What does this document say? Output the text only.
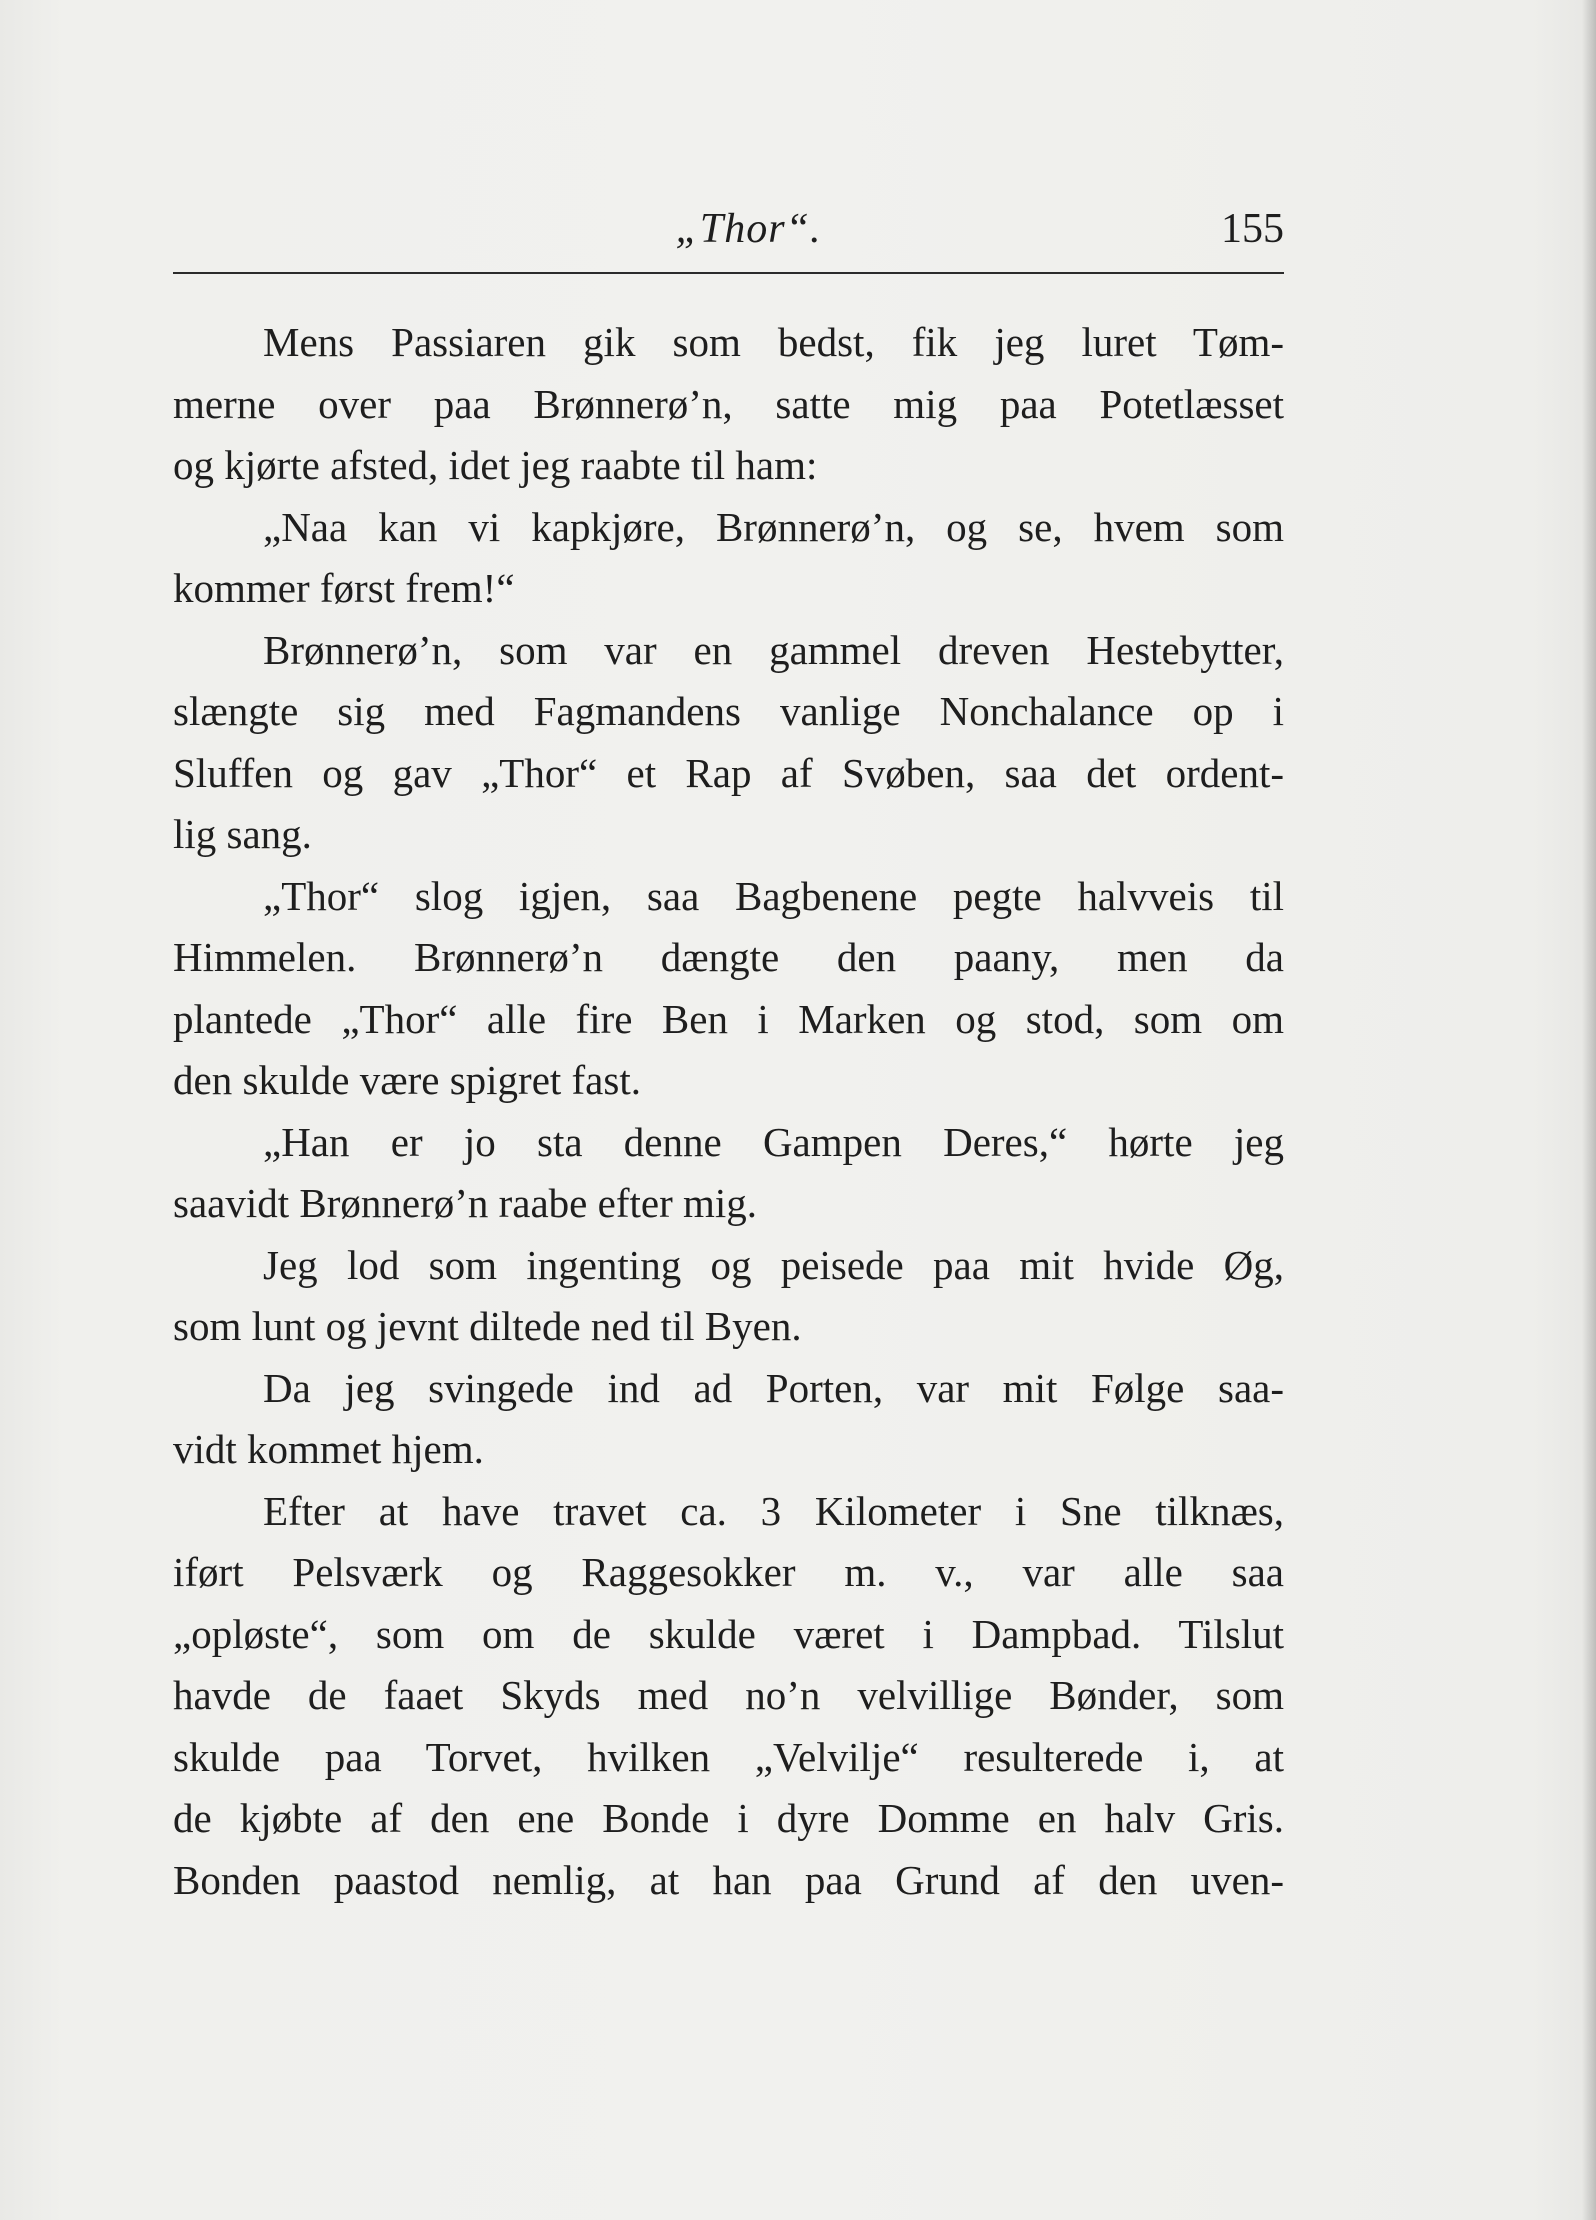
„Thor“.	155
Mens Passiaren gik som bedst, fik jeg luret Tøm-
merne over paa Brønnerø’n, satte mig paa Potetlæsset
og kjørte afsted, idet jeg raabte til ham:
„Naa kan vi kapkjøre, Brønnerø’n, og se, hvem som
kommer først frem!“
Brønnerø’n, som var en gammel dreven Hestebytter,
slængte sig med Fagmandens vanlige Nonchalance op i
Sluffen og gav „Thor“ et Rap af Svøben, saa det ordent-
lig sang.
„Thor“ slog igjen, saa Bagbenene pegte halvveis til
Himmelen. Brønnerø’n dængte den paany, men da
plantede „Thor“ alle fire Ben i Marken og stod, som om
den skulde være spigret fast.
„Han er jo sta denne Gampen Deres,“ hørte jeg
saavidt Brønnerø’n raabe efter mig.
Jeg lod som ingenting og peisede paa mit hvide Øg,
som lunt og jevnt diltede ned til Byen.
Da jeg svingede ind ad Porten, var mit Følge saa-
vidt kommet hjem.
Efter at have travet ca. 3 Kilometer i Sne tilknæs,
iført Pelsværk og Raggesokker m. v., var alle saa
„opløste“, som om de skulde været i Dampbad. Tilslut
havde de faaet Skyds med no’n velvillige Bønder, som
skulde paa Torvet, hvilken „Velvilje“ resulterede i, at
de kjøbte af den ene Bonde i dyre Domme en halv Gris.
Bonden paastod nemlig, at han paa Grund af den uven-
